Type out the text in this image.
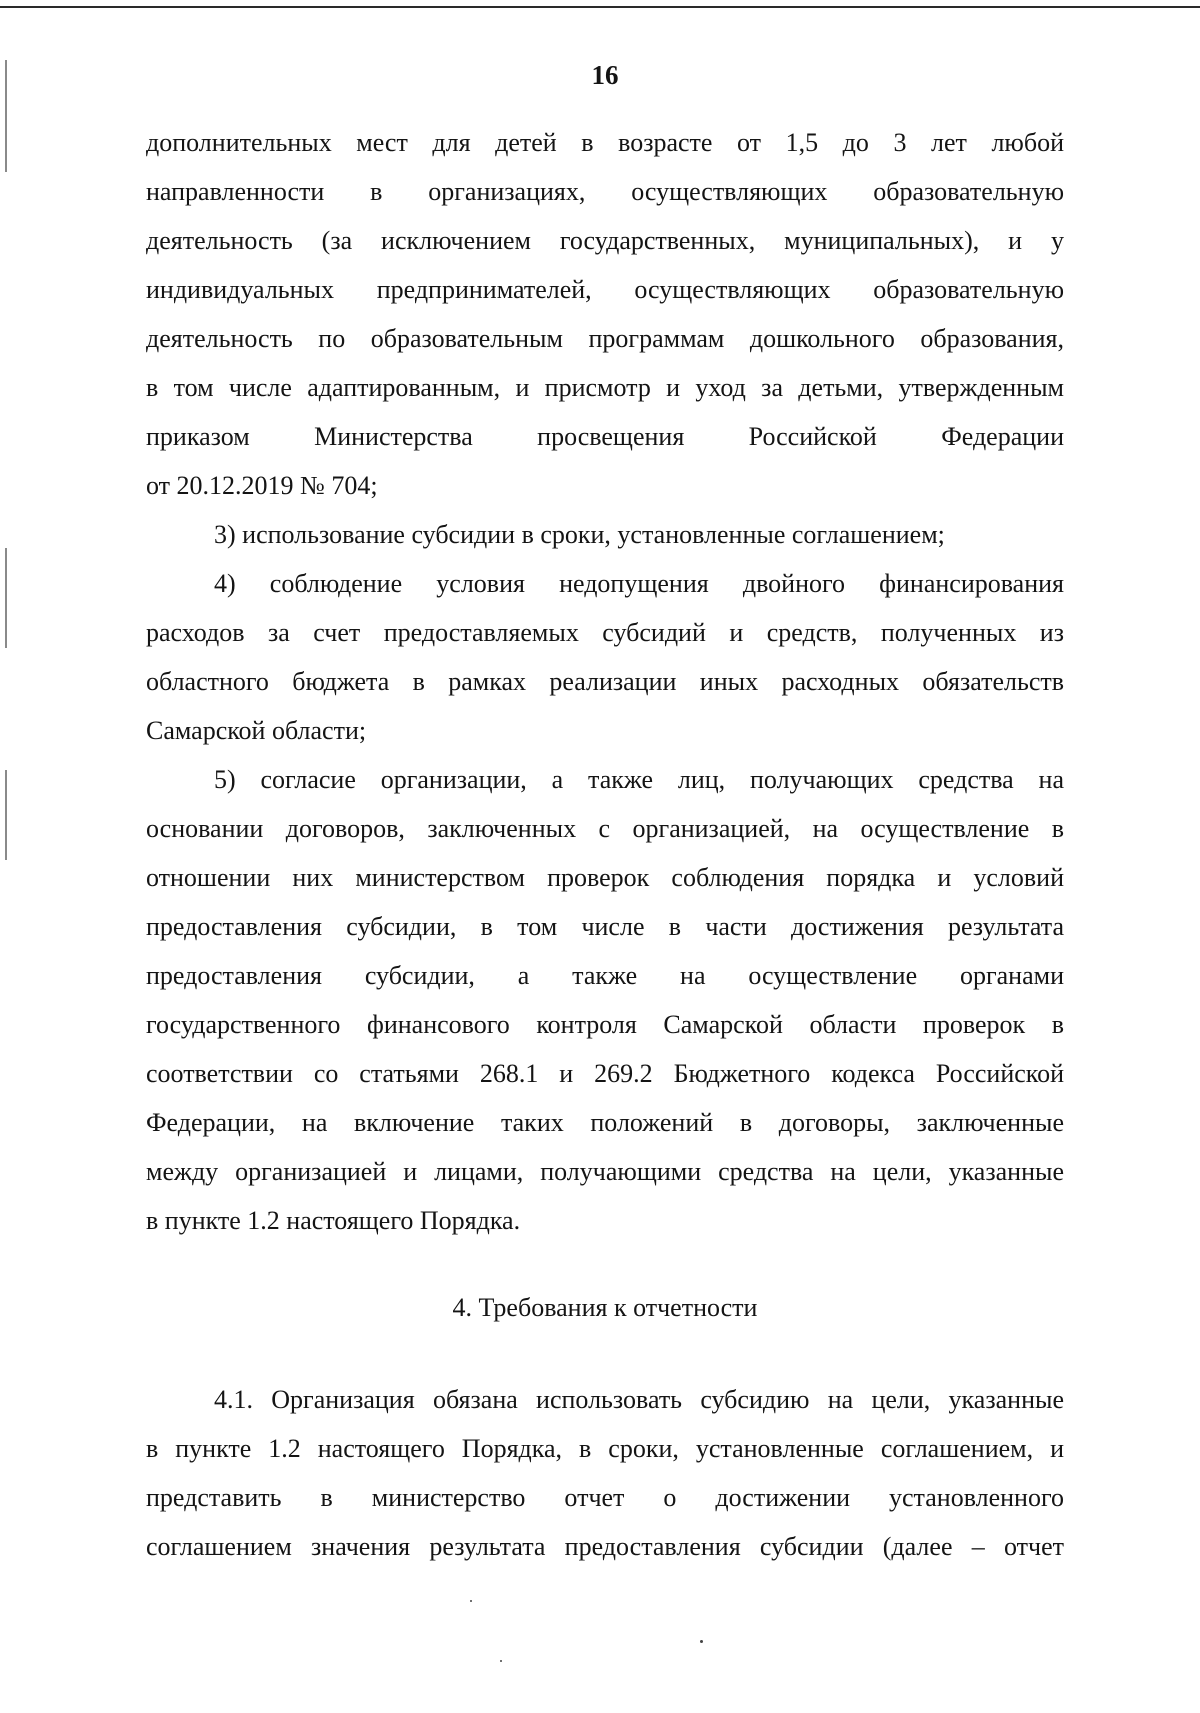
16
дополнительных мест для детей в возрасте от 1,5 до 3 лет любой
направленности в организациях, осуществляющих образовательную
деятельность (за исключением государственных, муниципальных), и у
индивидуальных предпринимателей, осуществляющих образовательную
деятельность по образовательным программам дошкольного образования,
в том числе адаптированным, и присмотр и уход за детьми, утвержденным
приказом Министерства просвещения Российской Федерации
от 20.12.2019 № 704;
3) использование субсидии в сроки, установленные соглашением;
4) соблюдение условия недопущения двойного финансирования
расходов за счет предоставляемых субсидий и средств, полученных из
областного бюджета в рамках реализации иных расходных обязательств
Самарской области;
5) согласие организации, а также лиц, получающих средства на
основании договоров, заключенных с организацией, на осуществление в
отношении них министерством проверок соблюдения порядка и условий
предоставления субсидии, в том числе в части достижения результата
предоставления субсидии, а также на осуществление органами
государственного финансового контроля Самарской области проверок в
соответствии со статьями 268.1 и 269.2 Бюджетного кодекса Российской
Федерации, на включение таких положений в договоры, заключенные
между организацией и лицами, получающими средства на цели, указанные
в пункте 1.2 настоящего Порядка.
4. Требования к отчетности
4.1. Организация обязана использовать субсидию на цели, указанные
в пункте 1.2 настоящего Порядка, в сроки, установленные соглашением, и
представить в министерство отчет о достижении установленного
соглашением значения результата предоставления субсидии (далее – отчет
